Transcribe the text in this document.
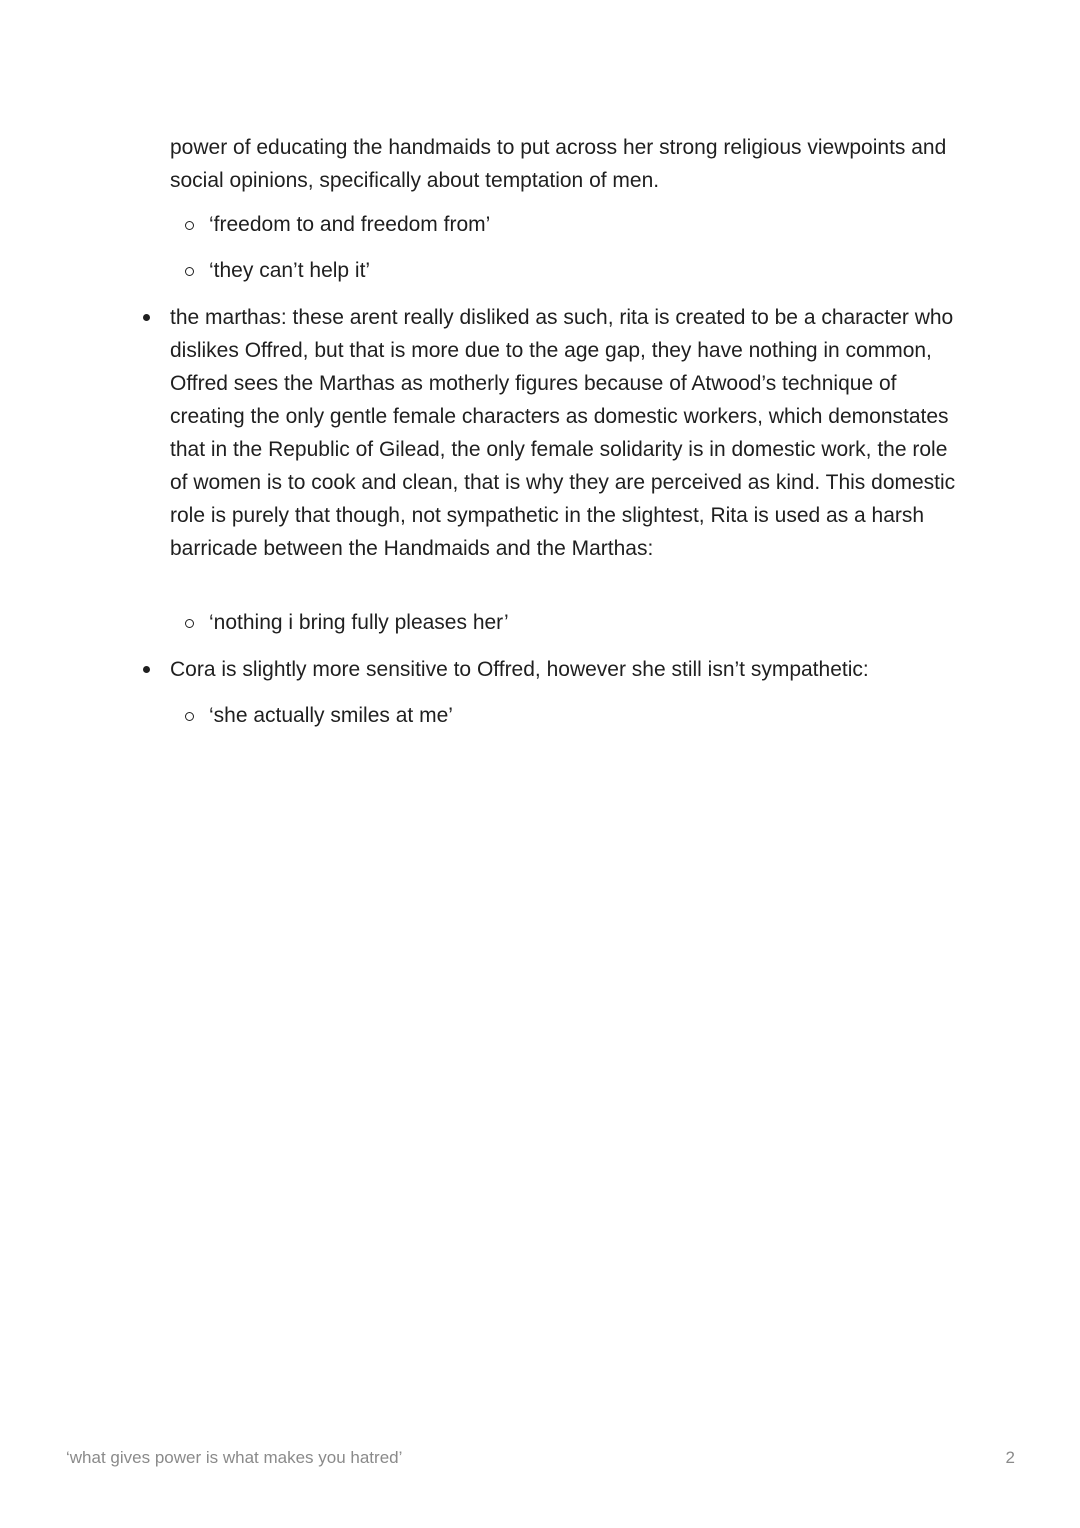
power of educating the handmaids to put across her strong religious viewpoints and social opinions, specifically about temptation of men.

‘freedom to and freedom from’
‘they can’t help it’
the marthas: these arent really disliked as such, rita is created to be a character who dislikes Offred, but that is more due to the age gap, they have nothing in common, Offred sees the Marthas as motherly figures because of Atwood’s technique of creating the only gentle female characters as domestic workers, which demonstates that in the Republic of Gilead, the only female solidarity is in domestic work, the role of women is to cook and clean, that is why they are perceived as kind. This domestic role is purely that though, not sympathetic in the slightest, Rita is used as a harsh barricade between the Handmaids and the Marthas:
‘nothing i bring fully pleases her’
Cora is slightly more sensitive to Offred, however she still isn’t sympathetic:
‘she actually smiles at me’
‘what gives power is what makes you hatred’	2
